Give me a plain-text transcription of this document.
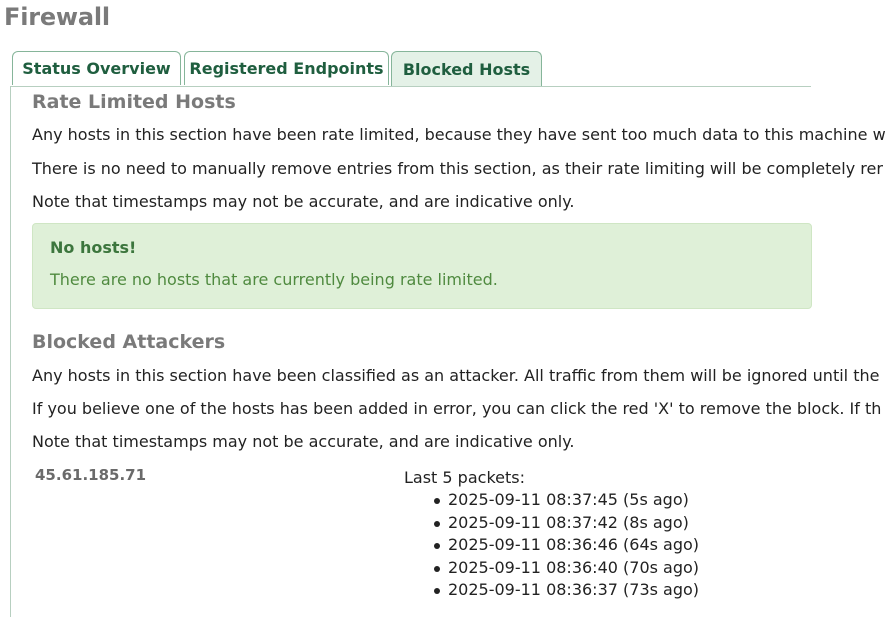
Firewall
Status Overview	Registered Endpoints	Blocked Hosts
Rate Limited Hosts
Any hosts in this section have been rate limited, because they have sent too much data to this machine w
There is no need to manually remove entries from this section, as their rate limiting will be completely rer
Note that timestamps may not be accurate, and are indicative only.
No hosts!
There are no hosts that are currently being rate limited.
Blocked Attackers
Any hosts in this section have been classified as an attacker. All traffic from them will be ignored until the
If you believe one of the hosts has been added in error, you can click the red 'X' to remove the block. If th
Note that timestamps may not be accurate, and are indicative only.
45.61.185.71	Last 5 packets:
2025-09-11 08:37:45 (5s ago)
2025-09-11 08:37:42 (8s ago)
2025-09-11 08:36:46 (64s ago)
2025-09-11 08:36:40 (70s ago)
2025-09-11 08:36:37 (73s ago)
